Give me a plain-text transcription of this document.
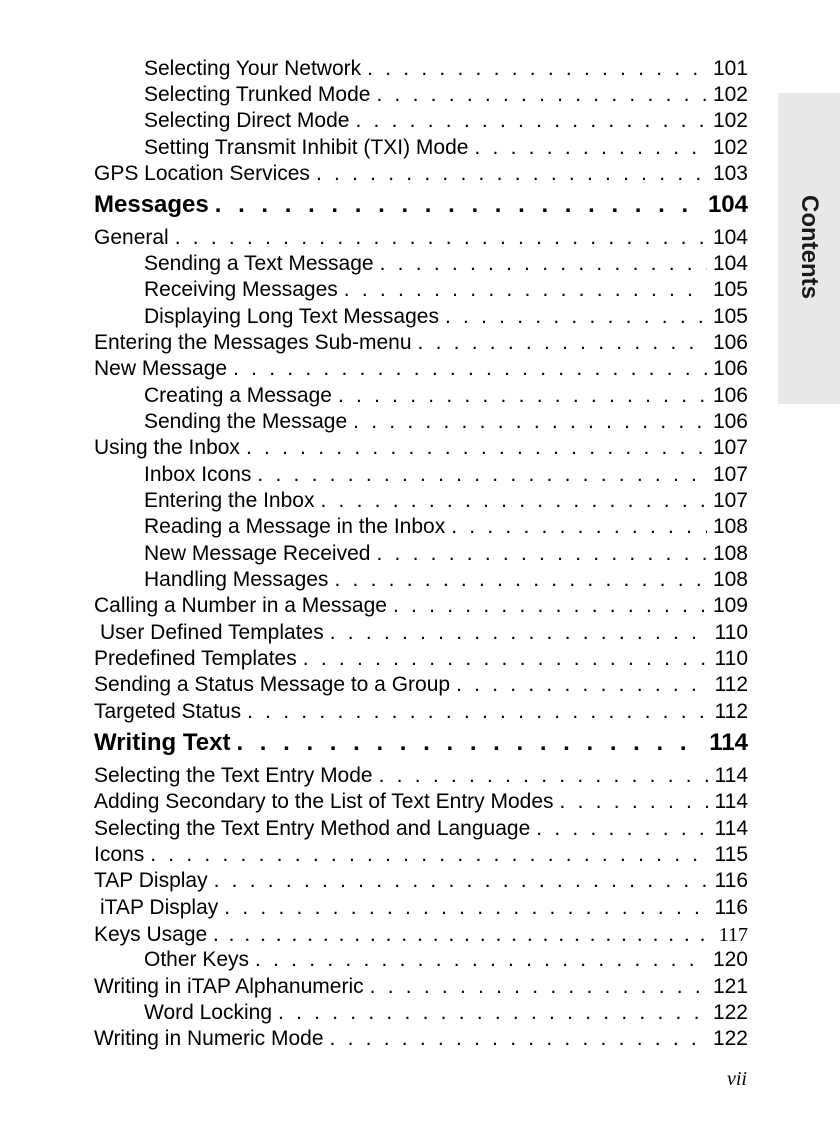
Contents
Selecting Your Network . . .	101
Selecting Trunked Mode . . .	102
Selecting Direct Mode . . .	102
Setting Transmit Inhibit (TXI) Mode . . .	102
GPS Location Services . . .	103
Messages . . .	104
General . . .	104
Sending a Text Message . . .	104
Receiving Messages . . .	105
Displaying Long Text Messages . . .	105
Entering the Messages Sub-menu . . .	106
New Message . . .	106
Creating a Message . . .	106
Sending the Message . . .	106
Using the Inbox . . .	107
Inbox Icons . . .	107
Entering the Inbox . . .	107
Reading a Message in the Inbox . . .	108
New Message Received . . .	108
Handling Messages . . .	108
Calling a Number in a Message . . .	109
User Defined Templates . . .	110
Predefined Templates . . .	110
Sending a Status Message to a Group . . .	112
Targeted Status . . .	112
Writing Text . . .	114
Selecting the Text Entry Mode . . .	114
Adding Secondary to the List of Text Entry Modes . . .	114
Selecting the Text Entry Method and Language . . .	114
Icons . . .	115
TAP Display . . .	116
iTAP Display . . .	116
Keys Usage . . .	117
Other Keys . . .	120
Writing in iTAP Alphanumeric . . .	121
Word Locking . . .	122
Writing in Numeric Mode . . .	122
vii
